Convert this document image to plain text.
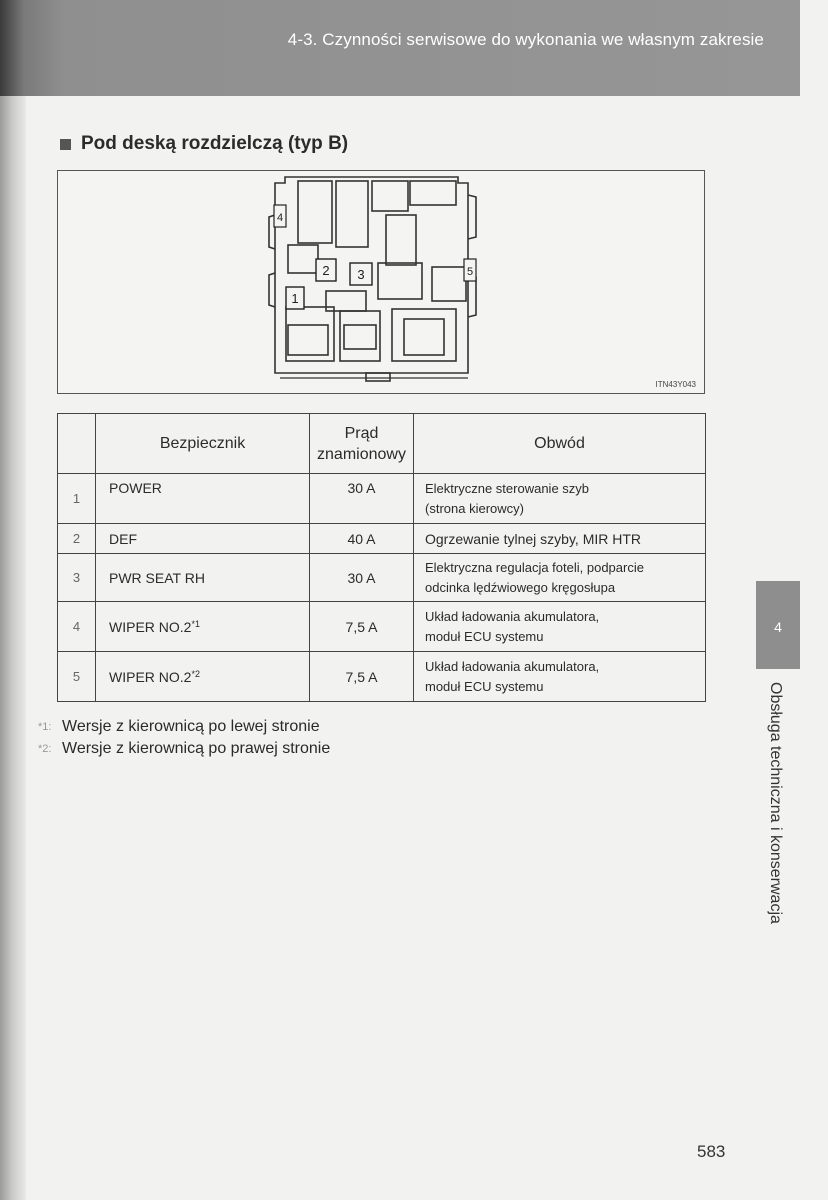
4-3. Czynności serwisowe do wykonania we własnym zakresie
Pod deską rozdzielczą (typ B)
1
2 3
4
5
ITN43Y043
	Bezpiecznik	Prąd
znamionowy	Obwód
1	POWER	30 A	Elektryczne sterowanie szyb
(strona kierowcy)

2	DEF	40 A	Ogrzewanie tylnej szyby, MIR HTR
3	PWR SEAT RH	30 A	Elektryczna regulacja foteli, podparcie
odcinka lędźwiowego kręgosłupa

4	WIPER NO.2$^{*1}$	7,5 A	Układ ładowania akumulatora,
moduł ECU systemu

5	WIPER NO.2$^{*2}$	7,5 A	Układ ładowania akumulatora,
moduł ECU systemu
*1: Wersje z kierownicą po lewej stronie
*2: Wersje z kierownicą po prawej stronie
4
Obsługa techniczna i konserwacja
583
